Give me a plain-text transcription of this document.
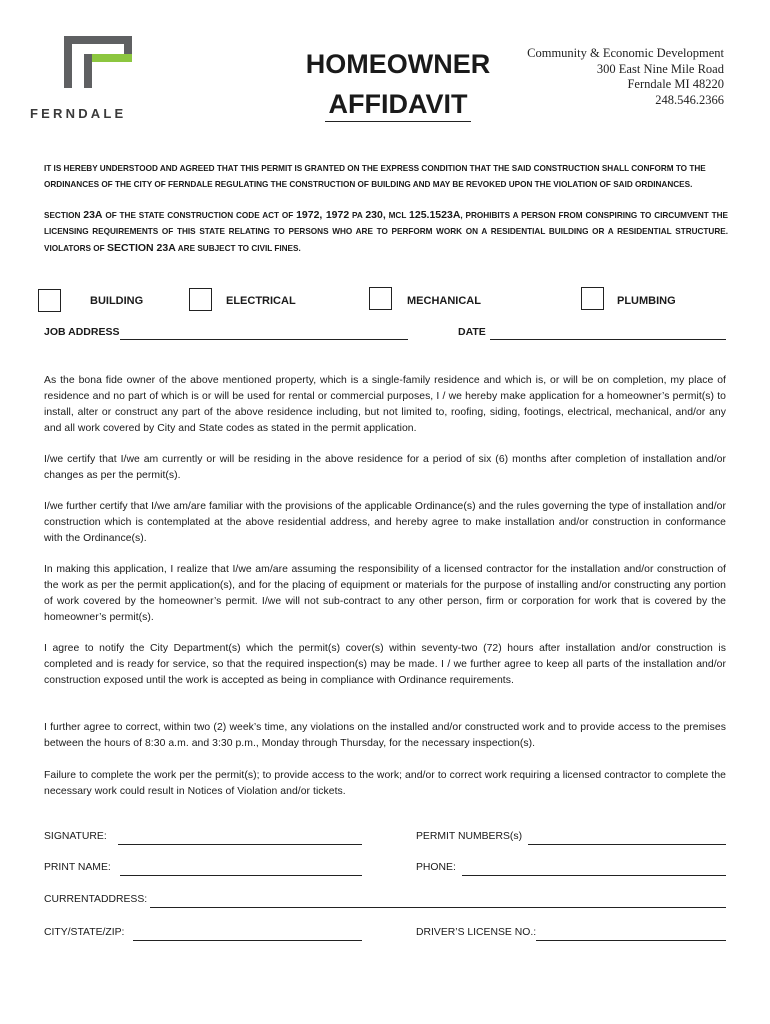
FERNDALE
HOMEOWNER
AFFIDAVIT
Community & Economic Development
300 East Nine Mile Road
Ferndale MI 48220
248.546.2366
IT IS HEREBY UNDERSTOOD AND AGREED THAT THIS PERMIT IS GRANTED ON THE EXPRESS CONDITION THAT THE SAID CONSTRUCTION SHALL CONFORM TO THE ORDINANCES OF THE CITY OF FERNDALE REGULATING THE CONSTRUCTION OF BUILDING AND MAY BE REVOKED UPON THE VIOLATION OF SAID ORDINANCES.
SECTION 23A OF THE STATE CONSTRUCTION CODE ACT OF 1972, 1972 PA 230, MCL 125.1523A, PROHIBITS A PERSON FROM CONSPIRING TO CIRCUMVENT THE LICENSING REQUIREMENTS OF THIS STATE RELATING TO PERSONS WHO ARE TO PERFORM WORK ON A RESIDENTIAL BUILDING OR A RESIDENTIAL STRUCTURE. VIOLATORS OF SECTION 23A ARE SUBJECT TO CIVIL FINES.
BUILDING	ELECTRICAL	MECHANICAL	PLUMBING
JOB ADDRESS	DATE
As the bona fide owner of the above mentioned property, which is a single-family residence and which is, or will be on completion, my place of residence and no part of which is or will be used for rental or commercial purposes, I / we hereby make application for a homeowner’s permit(s) to install, alter or construct any part of the above residence including, but not limited to, roofing, siding, footings, electrical, mechanical, and/or any and all work covered by City and State codes as stated in the permit application.
I/we certify that I/we am currently or will be residing in the above residence for a period of six (6) months after completion of installation and/or changes as per the permit(s).
I/we further certify that I/we am/are familiar with the provisions of the applicable Ordinance(s) and the rules governing the type of installation and/or construction which is contemplated at the above residential address, and hereby agree to make installation and/or construction in conformance with the Ordinance(s).
In making this application, I realize that I/we am/are assuming the responsibility of a licensed contractor for the installation and/or construction of the work as per the permit application(s), and for the placing of equipment or materials for the purpose of installing and/or constructing any portion of work covered by the homeowner’s permit. I/we will not sub-contract to any other person, firm or corporation for work that is covered by the homeowner’s permit(s).
I agree to notify the City Department(s) which the permit(s) cover(s) within seventy-two (72) hours after installation and/or construction is completed and is ready for service, so that the required inspection(s) may be made. I / we further agree to keep all parts of the installation and/or construction exposed until the work is accepted as being in compliance with Ordinance requirements.
I further agree to correct, within two (2) week’s time, any violations on the installed and/or constructed work and to provide access to the premises between the hours of 8:30 a.m. and 3:30 p.m., Monday through Thursday, for the necessary inspection(s).
Failure to complete the work per the permit(s); to provide access to the work; and/or to correct work requiring a licensed contractor to complete the necessary work could result in Notices of Violation and/or tickets.
SIGNATURE:	PERMIT NUMBERS(s)
PRINT NAME:	PHONE:
CURRENTADDRESS:
CITY/STATE/ZIP:	DRIVER’S LICENSE NO.:
